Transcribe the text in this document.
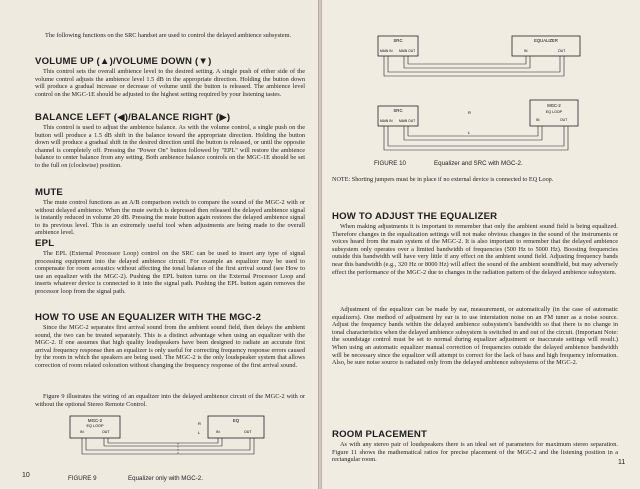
The following functions on the SRC handset are used to control the delayed ambience subsystem.

VOLUME UP (▲)/VOLUME DOWN (▼)

This control sets the overall ambience level to the desired setting. A single push of either side of the volume control adjusts the ambience level 1.5 dB in the appropriate direction. Holding the button down will produce a gradual increase or decrease of volume until the button is released. The ambience level control on the MGC-1E should be adjusted to the highest setting required by your listening tastes.

BALANCE LEFT (◀)/BALANCE RIGHT (▶)

This control is used to adjust the ambience balance. As with the volume control, a single push on the button will produce a 1.5 dB shift in the balance toward the appropriate direction. Holding the button down will produce a gradual shift in the desired direction until the button is released, or until the opposite channel is completely off. Pressing the "Power On" button followed by "EPL" will restore the ambience balance to center balance from any setting. Both ambience balance controls on the MGC-1E should be set to the full on (clockwise) position.

MUTE

The mute control functions as an A/B comparison switch to compare the sound of the MGC-2 with or without delayed ambience. When the mute switch is depressed then released the delayed ambience signal is instantly reduced in volume 20 dB. Pressing the mute button again restores the delayed ambience signal to its previous level. This is an extremely useful tool when adjustments are being made to the overall ambience level.

EPL

The EPL (External Processor Loop) control on the SRC can be used to insert any type of signal processing equipment into the delayed ambience circuit. For example an equalizer may be used to compensate for room acoustics without affecting the tonal balance of the first arrival sound (see How to use an equalizer with the MGC-2). Pushing the EPL button turns on the External Processor Loop and inserts whatever device is connected to it into the signal path. Pushing the EPL button again removes the processor loop from the signal path.

HOW TO USE AN EQUALIZER WITH THE MGC-2

Since the MGC-2 separates first arrival sound from the ambient sound field, then delays the ambient sound, the two can be treated separately. This is a distinct advantage when using an equalizer with the MGC-2. If one assumes that high quality loudspeakers have been designed to radiate an accurate first arrival frequency response then an equalizer is only useful for correcting frequency response errors caused by the room in which the speakers are being used. The MGC-2 is the only loudspeaker system that allows correction of room related coloration without changing the frequency response of the first arrival sound.

Figure 9 illustrates the wiring of an equalizer into the delayed ambience circuit of the MGC-2 with or without the optional Stereo Remote Control.

MGC-2
EQ LOOP
IN	OUT
EQ
IN	OUT
R
L
FIGURE 9	Equalizer only with MGC-2.
10
SRC
MAIN IN MAIN OUT
EQUALIZER
IN	OUT
SRC
MAIN IN MAIN OUT
MGC-2
EQ LOOP
IN	OUT
R
L
FIGURE 10	Equalizer and SRC with MGC-2.

NOTE: Shorting jumpers must be in place if no external device is connected to EQ Loop.

HOW TO ADJUST THE EQUALIZER

When making adjustments it is important to remember that only the ambient sound field is being equalized. Therefore changes in the equalization settings will not make obvious changes in the sound of the instruments or voices heard from the main system of the MGC-2. It is also important to remember that the delayed ambience subsystem only operates over a limited bandwidth of frequencies (500 Hz to 5000 Hz). Boosting frequencies outside this bandwidth will have very little if any effect on the ambient sound field. Adjusting frequency bands near this bandwidth (e.g., 320 Hz or 8000 Hz) will affect the sound of the ambient soundfield, but may adversely effect the performance of the MGC-2 due to changes in the radiation pattern of the delayed ambience subsystem.

Adjustment of the equalizer can be made by ear, measurement, or automatically (in the case of automatic equalizers). One method of adjustment by ear is to use interstation noise on an FM tuner as a noise source. Adjust the frequency bands within the delayed ambience subsystem's bandwidth so that there is no change in tonal characteristics when the delayed ambience subsystem is switched in and out of the circuit. (Important Note: the soundstage control must be set to normal during equalizer adjustment or inaccurate settings will result.) When using an automatic equalizer manual correction of frequencies outside the delayed ambience bandwidth will be necessary since the equalizer will attempt to correct for the lack of bass and high frequency information. Also, be sure noise source is radiated only from the delayed ambience subsystems of the MGC-2.

ROOM PLACEMENT

As with any stereo pair of loudspeakers there is an ideal set of parameters for maximum stereo separation. Figure 11 shows the mathematical ratios for precise placement of the MGC-2 and the listening position in a rectangular room.	11
